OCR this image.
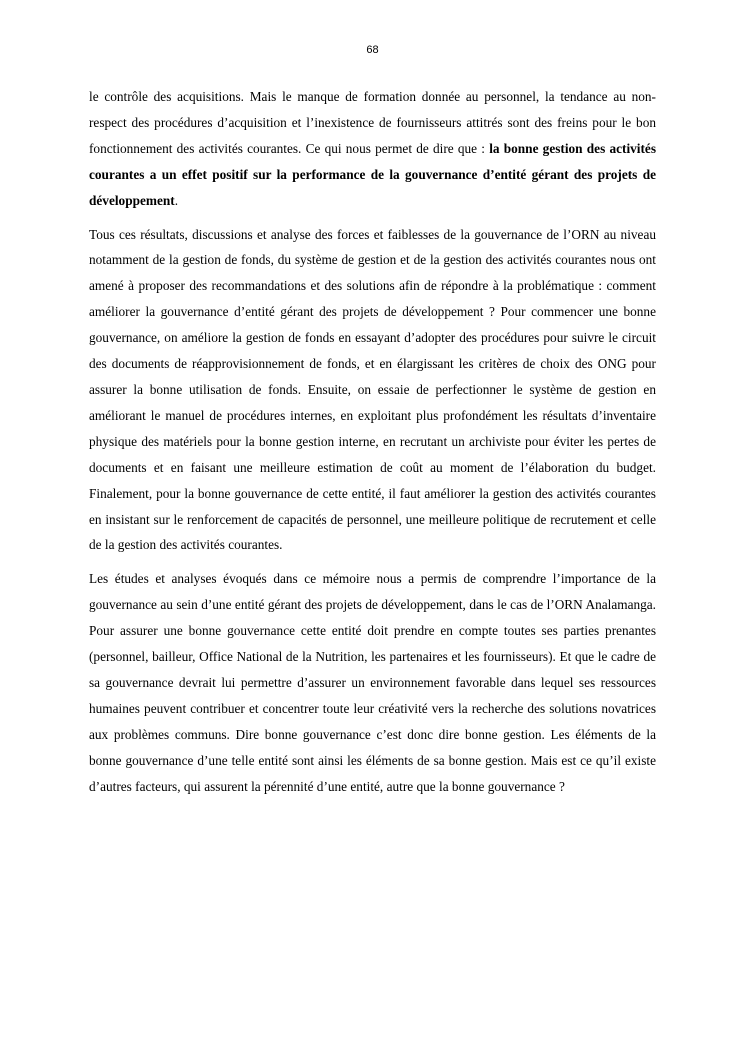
68

le contrôle des acquisitions. Mais le manque de formation donnée au personnel, la tendance au non-respect des procédures d’acquisition et l’inexistence de fournisseurs attitrés sont des freins pour le bon fonctionnement des activités courantes. Ce qui nous permet de dire que : la bonne gestion des activités courantes a un effet positif sur la performance de la gouvernance d’entité gérant des projets de développement.

Tous ces résultats, discussions et analyse des forces et faiblesses de la gouvernance de l’ORN au niveau notamment de la gestion de fonds, du système de gestion et de la gestion des activités courantes nous ont amené à proposer des recommandations et des solutions afin de répondre à la problématique : comment améliorer la gouvernance d’entité gérant des projets de développement ? Pour commencer une bonne gouvernance, on améliore la gestion de fonds en essayant d’adopter des procédures pour suivre le circuit des documents de réapprovisionnement de fonds, et en élargissant les critères de choix des ONG pour assurer la bonne utilisation de fonds. Ensuite, on essaie de perfectionner le système de gestion en améliorant le manuel de procédures internes, en exploitant plus profondément les résultats d’inventaire physique des matériels pour la bonne gestion interne, en recrutant un archiviste pour éviter les pertes de documents et en faisant une meilleure estimation de coût au moment de l’élaboration du budget. Finalement, pour la bonne gouvernance de cette entité, il faut améliorer la gestion des activités courantes en insistant sur le renforcement de capacités de personnel, une meilleure politique de recrutement et celle de la gestion des activités courantes.

Les études et analyses évoqués dans ce mémoire nous a permis de comprendre l’importance de la gouvernance au sein d’une entité gérant des projets de développement, dans le cas de l’ORN Analamanga. Pour assurer une bonne gouvernance cette entité doit prendre en compte toutes ses parties prenantes (personnel, bailleur, Office National de la Nutrition, les partenaires et les fournisseurs). Et que le cadre de sa gouvernance devrait lui permettre d’assurer un environnement favorable dans lequel ses ressources humaines peuvent contribuer et concentrer toute leur créativité vers la recherche des solutions novatrices aux problèmes communs. Dire bonne gouvernance c’est donc dire bonne gestion. Les éléments de la bonne gouvernance d’une telle entité sont ainsi les éléments de sa bonne gestion. Mais est ce qu’il existe d’autres facteurs, qui assurent la pérennité d’une entité, autre que la bonne gouvernance ?
